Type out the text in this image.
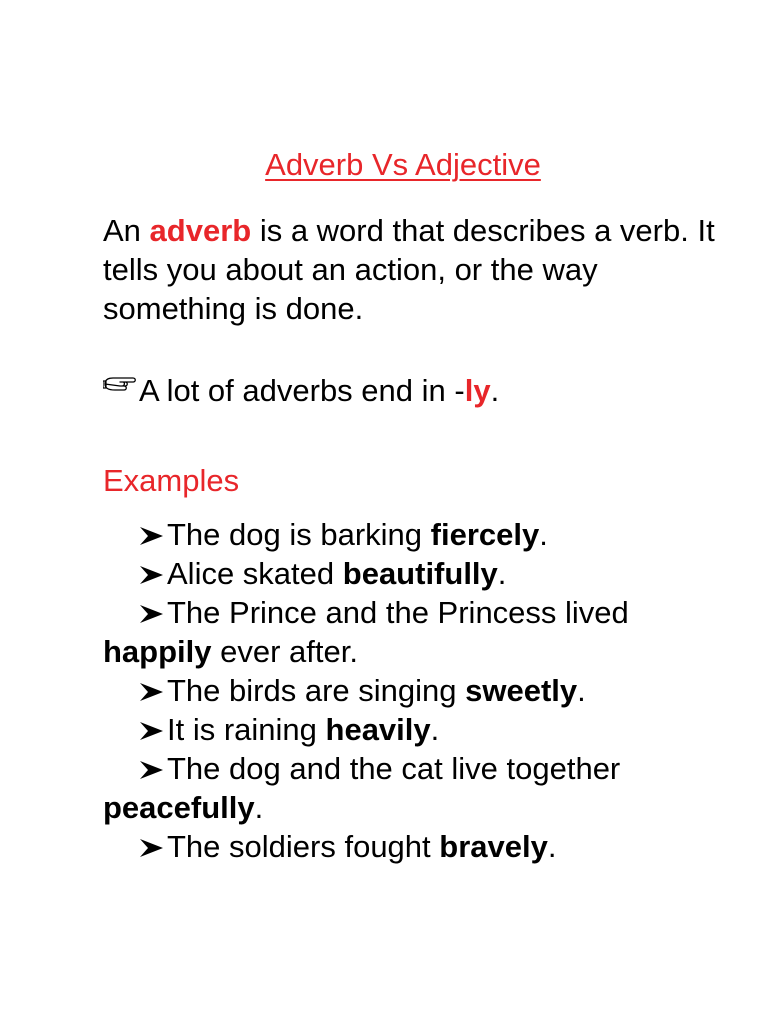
Adverb Vs Adjective

An adverb is a word that describes a verb. It tells you about an action, or the way something is done.

A lot of adverbs end in -ly.
Examples
The dog is barking fiercely.
Alice skated beautifully.
The Prince and the Princess lived happily ever after.
The birds are singing sweetly.
It is raining heavily.
The dog and the cat live together peacefully.
The soldiers fought bravely.
